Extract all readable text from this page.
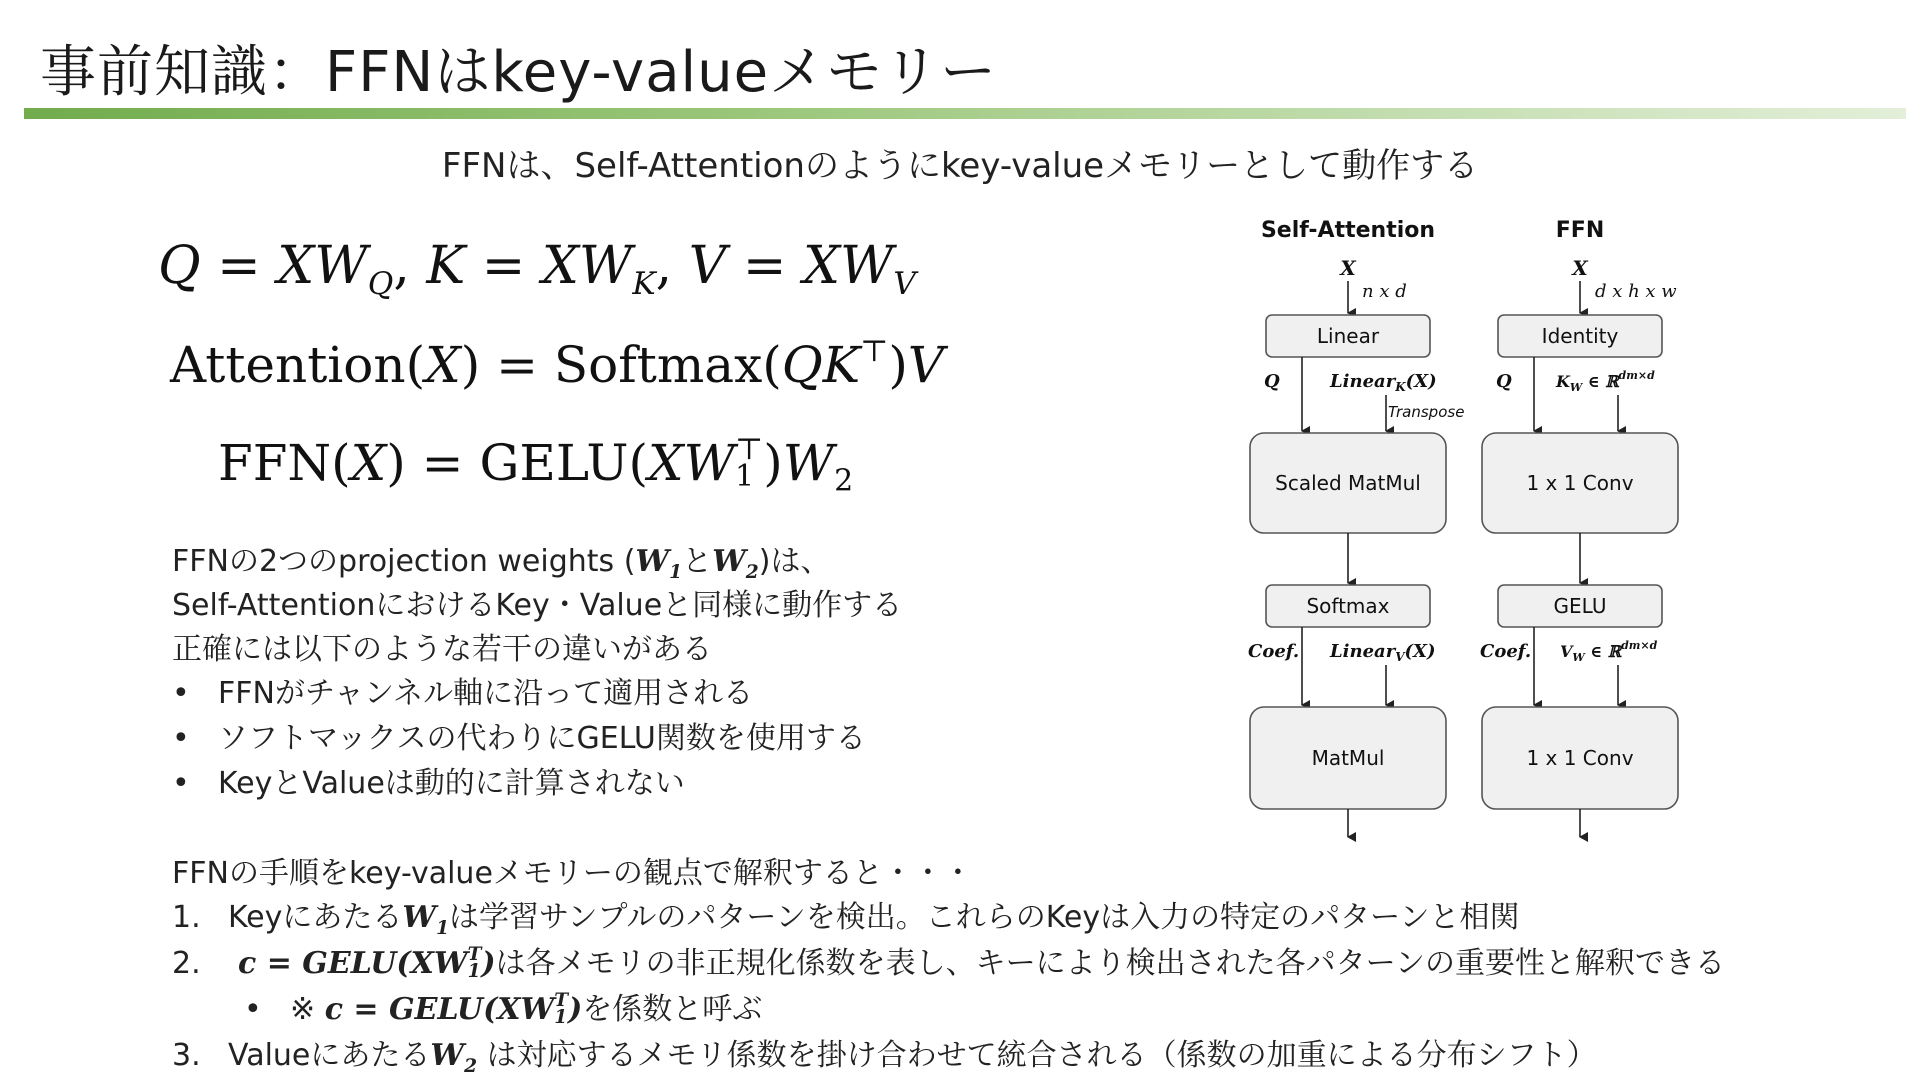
事前知識：FFNはkey-valueメモリー
FFNは、Self-Attentionのようにkey-valueメモリーとして動作する
$Q = XW_Q$, $K = XW_K$, $V = XW_V$
Attention(X) = Softmax(QK⊤)V
FFN(X) = GELU(XW ⊤
1 )$W_2$
FFNの2つのprojection weights ($W_1$と$W_2$)は、
Self-AttentionにおけるKey・Valueと同様に動作する
正確には以下のような若干の違いがある
• FFNがチャンネル軸に沿って適用される
• ソフトマックスの代わりにGELU関数を使用する
• KeyとValueは動的に計算されない
FFNの手順をkey-valueメモリーの観点で解釈すると・・・
1. Keyにあたる$W_1$は学習サンプルのパターンを検出。これらのKeyは入力の特定のパターンと相関
2. c = GELU(XW T
1 )は各メモリの非正規化係数を表し、キーにより検出された各パターンの重要性と解釈できる
• ※ c = GELU(XW T
1 )を係数と呼ぶ
3. Valueにあたる$W_2$ は対応するメモリ係数を掛け合わせて統合される（係数の加重による分布シフト）
Self-Attention	FFN
X
n x d
X
d x h x w
Linear	Identity
Q	Linear$_K$(X)
Transpose
Q	$K_W$ ∈ ℝ$^{dm\times d}$
Scaled MatMul	1 x 1 Conv
Softmax	GELU
Coef. Linear$_V$(X) Coef. $V_W$ ∈ ℝ$^{dm\times d}$
MatMul	1 x 1 Conv
